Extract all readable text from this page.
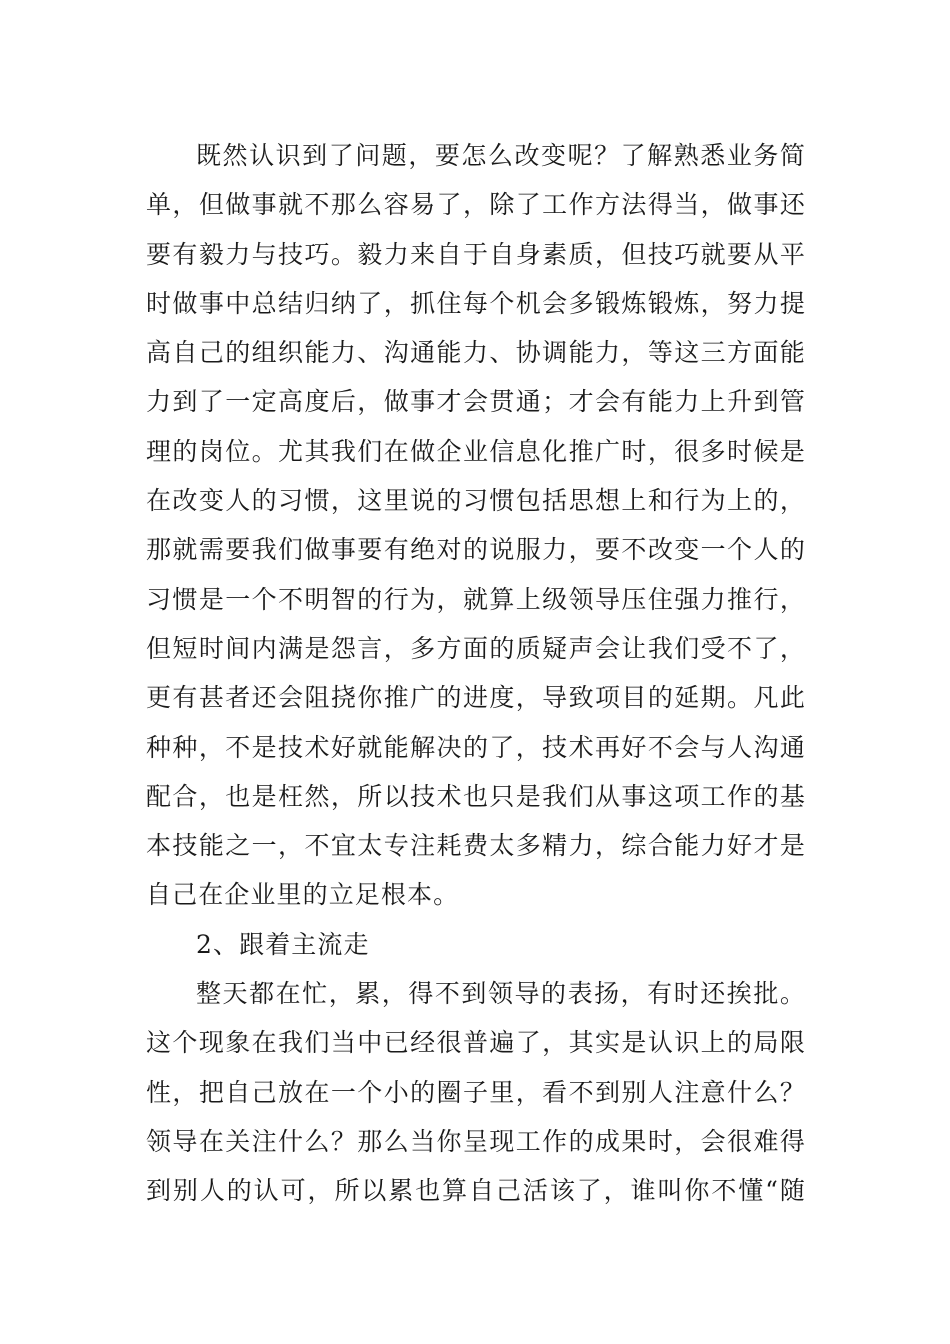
既然认识到了问题，要怎么改变呢？了解熟悉业务简
单，但做事就不那么容易了，除了工作方法得当，做事还
要有毅力与技巧。毅力来自于自身素质，但技巧就要从平
时做事中总结归纳了，抓住每个机会多锻炼锻炼，努力提
高自己的组织能力、沟通能力、协调能力，等这三方面能
力到了一定高度后，做事才会贯通；才会有能力上升到管
理的岗位。尤其我们在做企业信息化推广时，很多时候是
在改变人的习惯，这里说的习惯包括思想上和行为上的，
那就需要我们做事要有绝对的说服力，要不改变一个人的
习惯是一个不明智的行为，就算上级领导压住强力推行，
但短时间内满是怨言，多方面的质疑声会让我们受不了，
更有甚者还会阻挠你推广的进度，导致项目的延期。凡此
种种，不是技术好就能解决的了，技术再好不会与人沟通
配合，也是枉然，所以技术也只是我们从事这项工作的基
本技能之一，不宜太专注耗费太多精力，综合能力好才是
自己在企业里的立足根本。
2、跟着主流走
整天都在忙，累，得不到领导的表扬，有时还挨批。
这个现象在我们当中已经很普遍了，其实是认识上的局限
性，把自己放在一个小的圈子里，看不到别人注意什么？
领导在关注什么？那么当你呈现工作的成果时，会很难得
到别人的认可，所以累也算自己活该了，谁叫你不懂“随
